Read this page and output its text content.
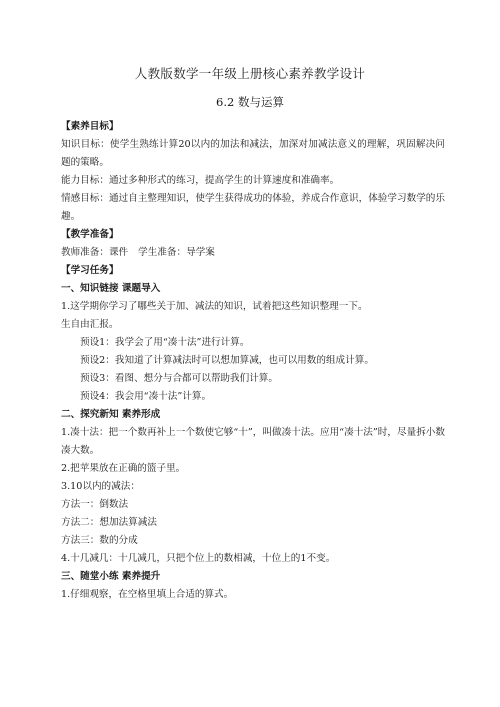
人教版数学一年级上册核心素养教学设计
6.2 数与运算

【素养目标】

知识目标：使学生熟练计算20以内的加法和减法，加深对加减法意义的理解，巩固解决问题的策略。

能力目标：通过多种形式的练习，提高学生的计算速度和准确率。

情感目标：通过自主整理知识，使学生获得成功的体验，养成合作意识，体验学习数学的乐趣。

【教学准备】

教师准备：课件 学生准备：导学案

【学习任务】

一、知识链接 课题导入

1.这学期你学习了哪些关于加、减法的知识，试着把这些知识整理一下。

生自由汇报。

预设1：我学会了用“凑十法”进行计算。

预设2：我知道了计算减法时可以想加算减，也可以用数的组成计算。

预设3：看图、想分与合都可以帮助我们计算。

预设4：我会用“凑十法”计算。

二、探究新知 素养形成

1.凑十法：把一个数再补上一个数使它够“十”，叫做凑十法。应用“凑十法”时，尽量拆小数凑大数。

2.把苹果放在正确的篮子里。

3.10以内的减法：

方法一：倒数法

方法二：想加法算减法

方法三：数的分成

4.十几减几：十几减几，只把个位上的数相减，十位上的1不变。

三、随堂小练 素养提升

1.仔细观察，在空格里填上合适的算式。
